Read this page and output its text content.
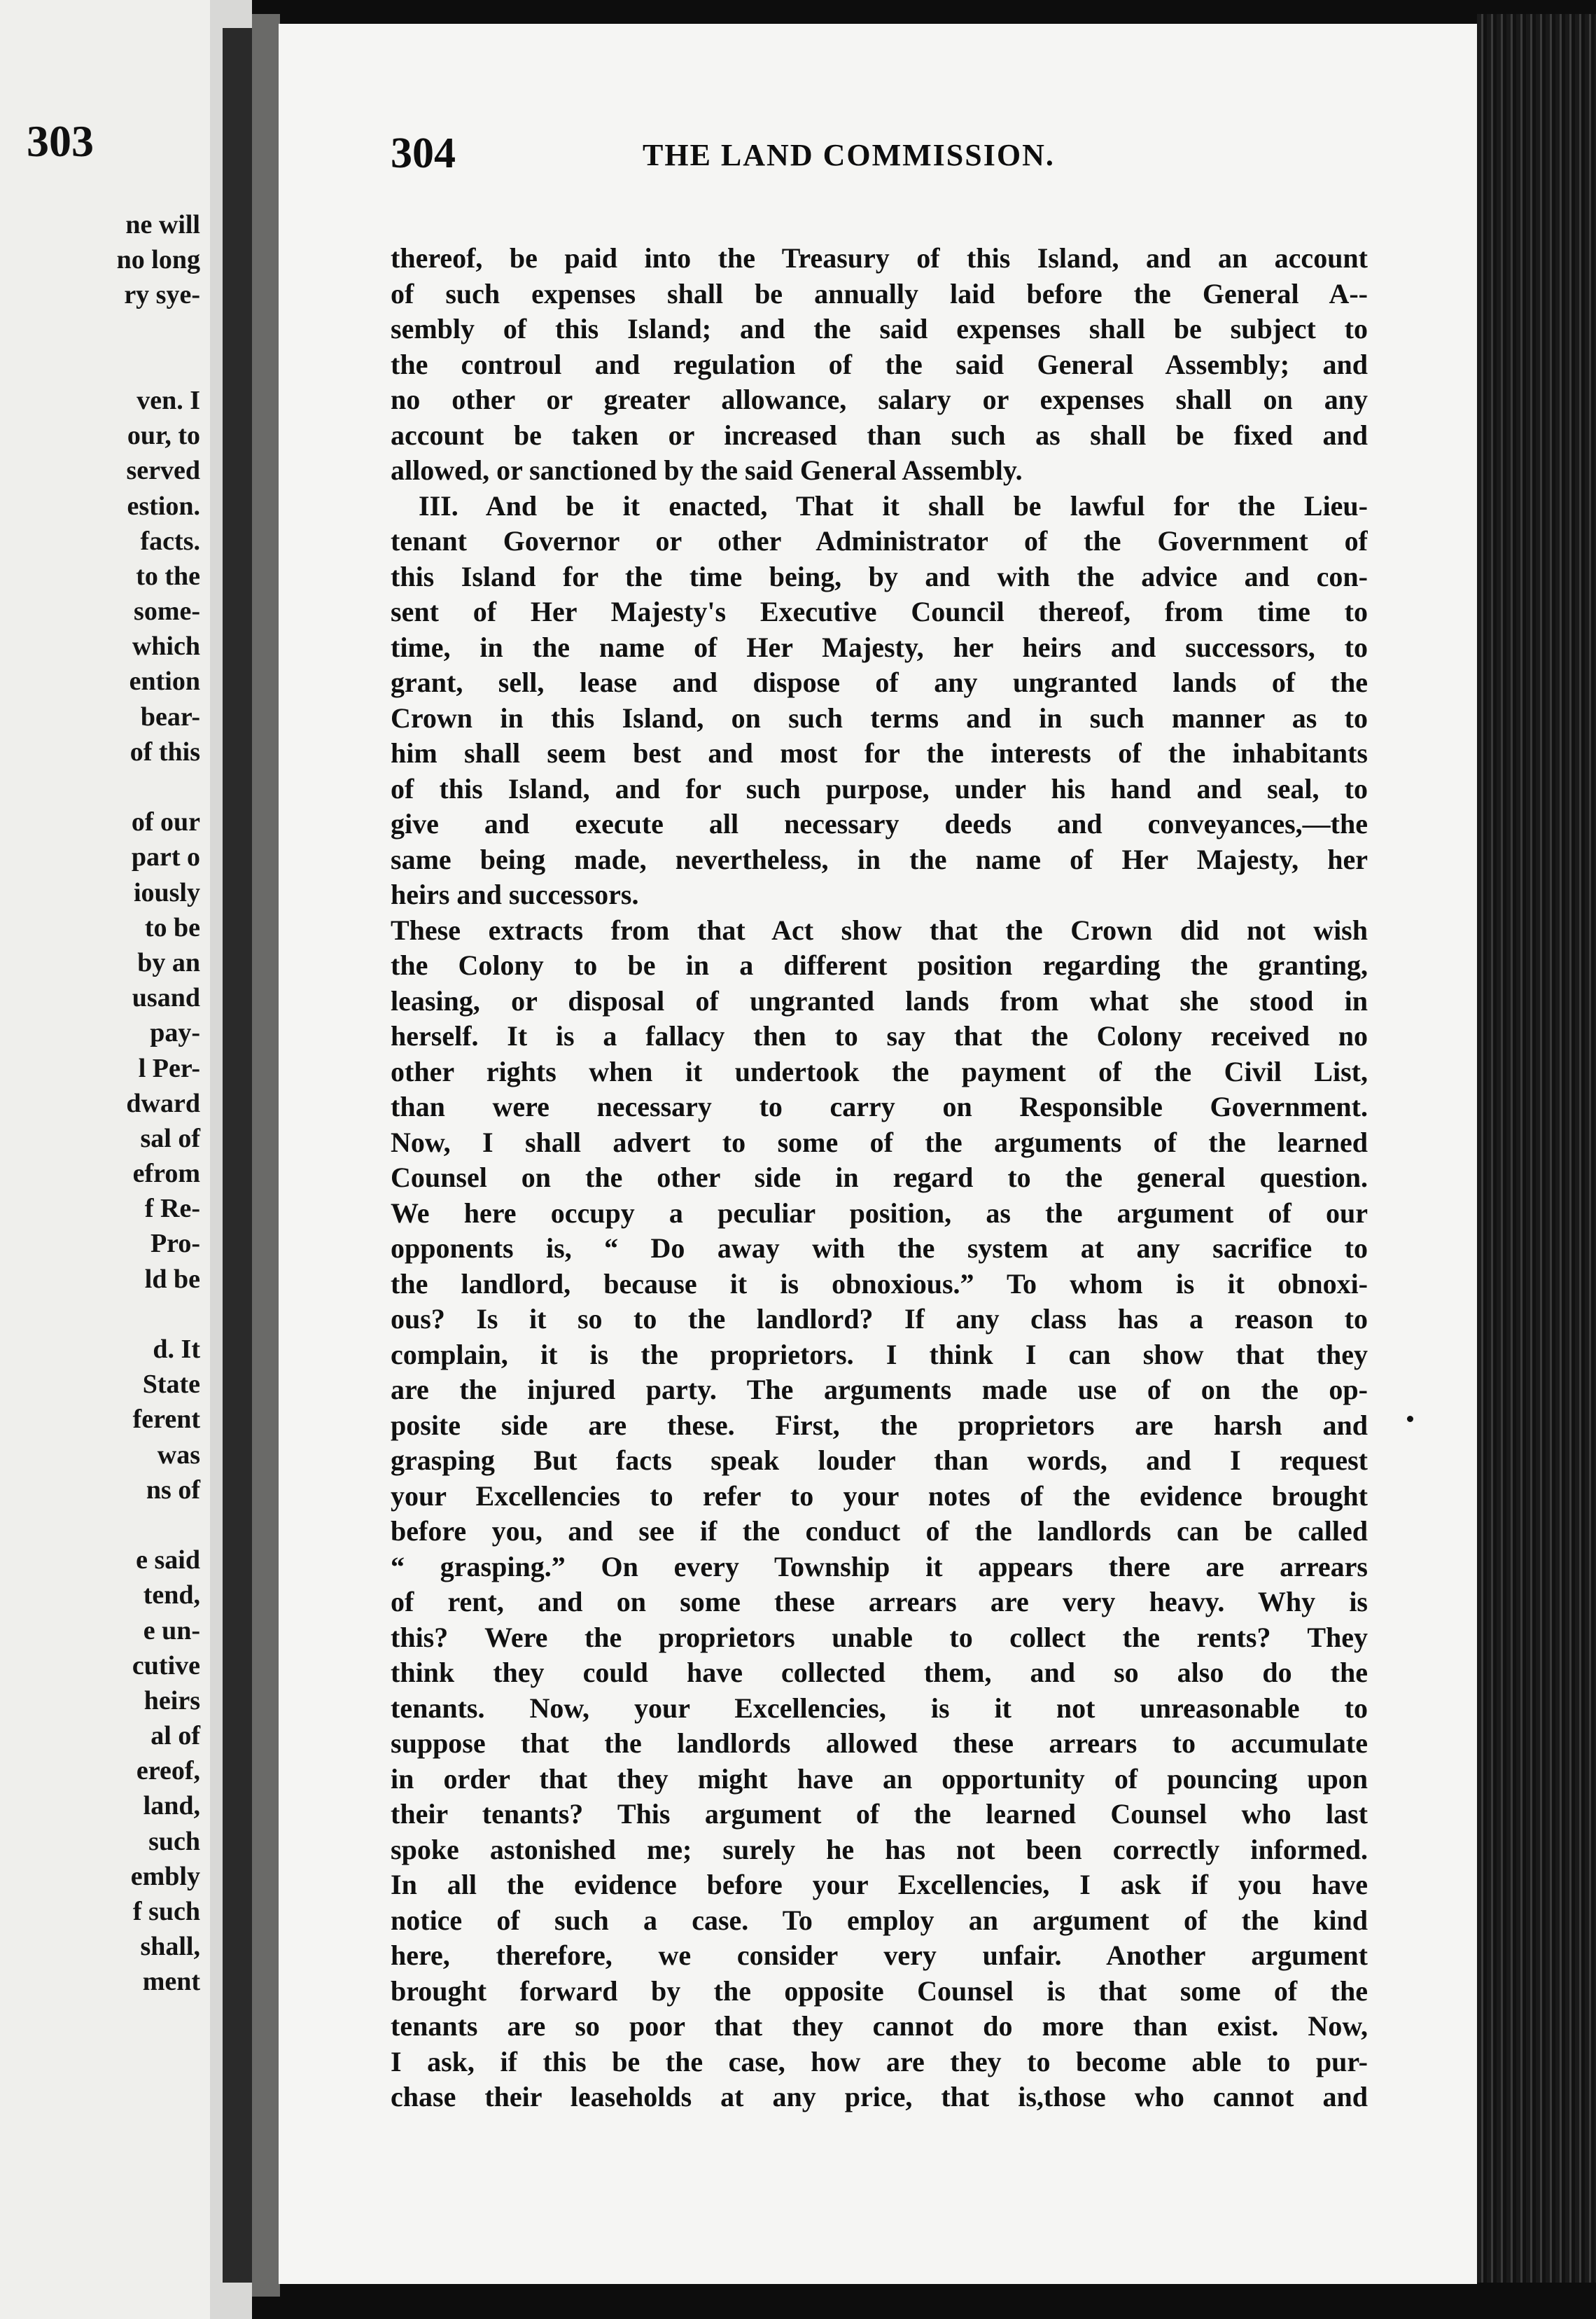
303
ne will
no long
ry sye-
ven. I
our, to
served
estion.
facts.
to the
some-
which
ention
bear-
of this
of our
part o
iously
to be
by an
usand
pay-
l Per-
dward
sal of
efrom
f Re-
Pro-
ld be
d. It
State
ferent
was
ns of
e said
tend,
e un-
cutive
heirs
al of
ereof,
land,
such
embly
f such
shall,
ment
304	THE LAND COMMISSION.
thereof, be paid into the Treasury of this Island, and an account
of such expenses shall be annually laid before the General A--
sembly of this Island; and the said expenses shall be subject to
the controul and regulation of the said General Assembly; and
no other or greater allowance, salary or expenses shall on any
account be taken or increased than such as shall be fixed and
allowed, or sanctioned by the said General Assembly.
III. And be it enacted, That it shall be lawful for the Lieu-
tenant Governor or other Administrator of the Government of
this Island for the time being, by and with the advice and con-
sent of Her Majesty's Executive Council thereof, from time to
time, in the name of Her Majesty, her heirs and successors, to
grant, sell, lease and dispose of any ungranted lands of the
Crown in this Island, on such terms and in such manner as to
him shall seem best and most for the interests of the inhabitants
of this Island, and for such purpose, under his hand and seal, to
give and execute all necessary deeds and conveyances,—the
same being made, nevertheless, in the name of Her Majesty, her
heirs and successors.
These extracts from that Act show that the Crown did not wish
the Colony to be in a different position regarding the granting,
leasing, or disposal of ungranted lands from what she stood in
herself. It is a fallacy then to say that the Colony received no
other rights when it undertook the payment of the Civil List,
than were necessary to carry on Responsible Government.
Now, I shall advert to some of the arguments of the learned
Counsel on the other side in regard to the general question.
We here occupy a peculiar position, as the argument of our
opponents is, “ Do away with the system at any sacrifice to
the landlord, because it is obnoxious.” To whom is it obnoxi-
ous? Is it so to the landlord? If any class has a reason to
complain, it is the proprietors. I think I can show that they
are the injured party. The arguments made use of on the op-
posite side are these. First, the proprietors are harsh and
grasping But facts speak louder than words, and I request
your Excellencies to refer to your notes of the evidence brought
before you, and see if the conduct of the landlords can be called
“ grasping.” On every Township it appears there are arrears
of rent, and on some these arrears are very heavy. Why is
this? Were the proprietors unable to collect the rents? They
think they could have collected them, and so also do the
tenants. Now, your Excellencies, is it not unreasonable to
suppose that the landlords allowed these arrears to accumulate
in order that they might have an opportunity of pouncing upon
their tenants? This argument of the learned Counsel who last
spoke astonished me; surely he has not been correctly informed.
In all the evidence before your Excellencies, I ask if you have
notice of such a case. To employ an argument of the kind
here, therefore, we consider very unfair. Another argument
brought forward by the opposite Counsel is that some of the
tenants are so poor that they cannot do more than exist. Now,
I ask, if this be the case, how are they to become able to pur-
chase their leaseholds at any price, that is,those who cannot and
